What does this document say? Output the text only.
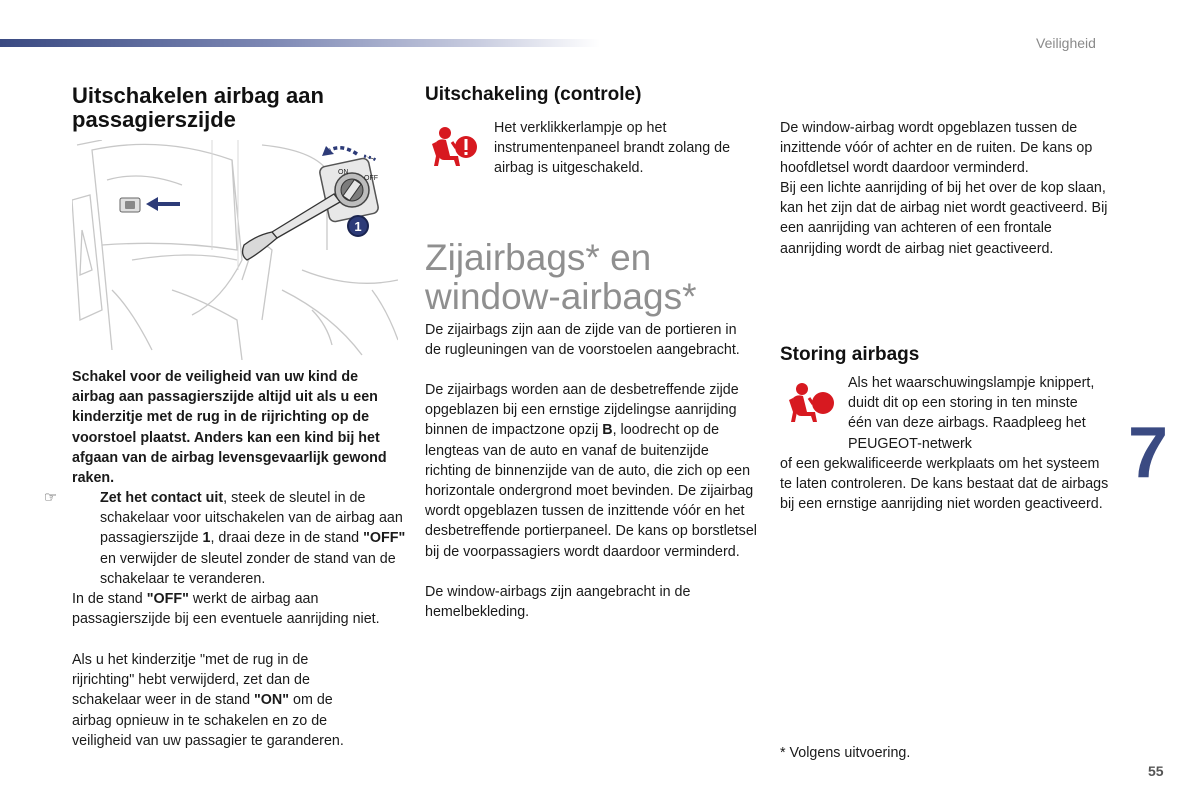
Veiligheid
Uitschakelen airbag aan passagierszijde
ON
OFF
1

Schakel voor de veiligheid van uw kind de airbag aan passagierszijde altijd uit als u een kinderzitje met de rug in de rijrichting op de voorstoel plaatst. Anders kan een kind bij het afgaan van de airbag levensgevaarlijk gewond raken.

☞	Zet het contact uit, steek de sleutel in de schakelaar voor uitschakelen van de airbag aan passagierszijde 1, draai deze in de stand "OFF" en verwijder de sleutel zonder de stand van de schakelaar te veranderen.

In de stand "OFF" werkt de airbag aan passagierszijde bij een eventuele aanrijding niet.

Als u het kinderzitje "met de rug in de rijrichting" hebt verwijderd, zet dan de schakelaar weer in de stand "ON" om de airbag opnieuw in te schakelen en zo de veiligheid van uw passagier te garanderen.

Uitschakeling (controle)

Het verklikkerlampje op het instrumentenpaneel brandt zolang de airbag is uitgeschakeld.

Zijairbags* en window-airbags*

De zijairbags zijn aan de zijde van de portieren in de rugleuningen van de voorstoelen aangebracht.

De zijairbags worden aan de desbetreffende zijde opgeblazen bij een ernstige zijdelingse aanrijding binnen de impactzone opzij B, loodrecht op de lengteas van de auto en vanaf de buitenzijde richting de binnenzijde van de auto, die zich op een horizontale ondergrond moet bevinden. De zijairbag wordt opgeblazen tussen de inzittende vóór en het desbetreffende portierpaneel. De kans op borstletsel bij de voorpassagiers wordt daardoor verminderd.

De window-airbags zijn aangebracht in de hemelbekleding.

De window-airbag wordt opgeblazen tussen de inzittende vóór of achter en de ruiten. De kans op hoofdletsel wordt daardoor verminderd.

Bij een lichte aanrijding of bij het over de kop slaan, kan het zijn dat de airbag niet wordt geactiveerd. Bij een aanrijding van achteren of een frontale aanrijding wordt de airbag niet geactiveerd.

Storing airbags

Als het waarschuwingslampje knippert, duidt dit op een storing in ten minste één van deze airbags. Raadpleeg het PEUGEOT-netwerk

of een gekwalificeerde werkplaats om het systeem te laten controleren. De kans bestaat dat de airbags bij een ernstige aanrijding niet worden geactiveerd.

7
* Volgens uitvoering.
55
